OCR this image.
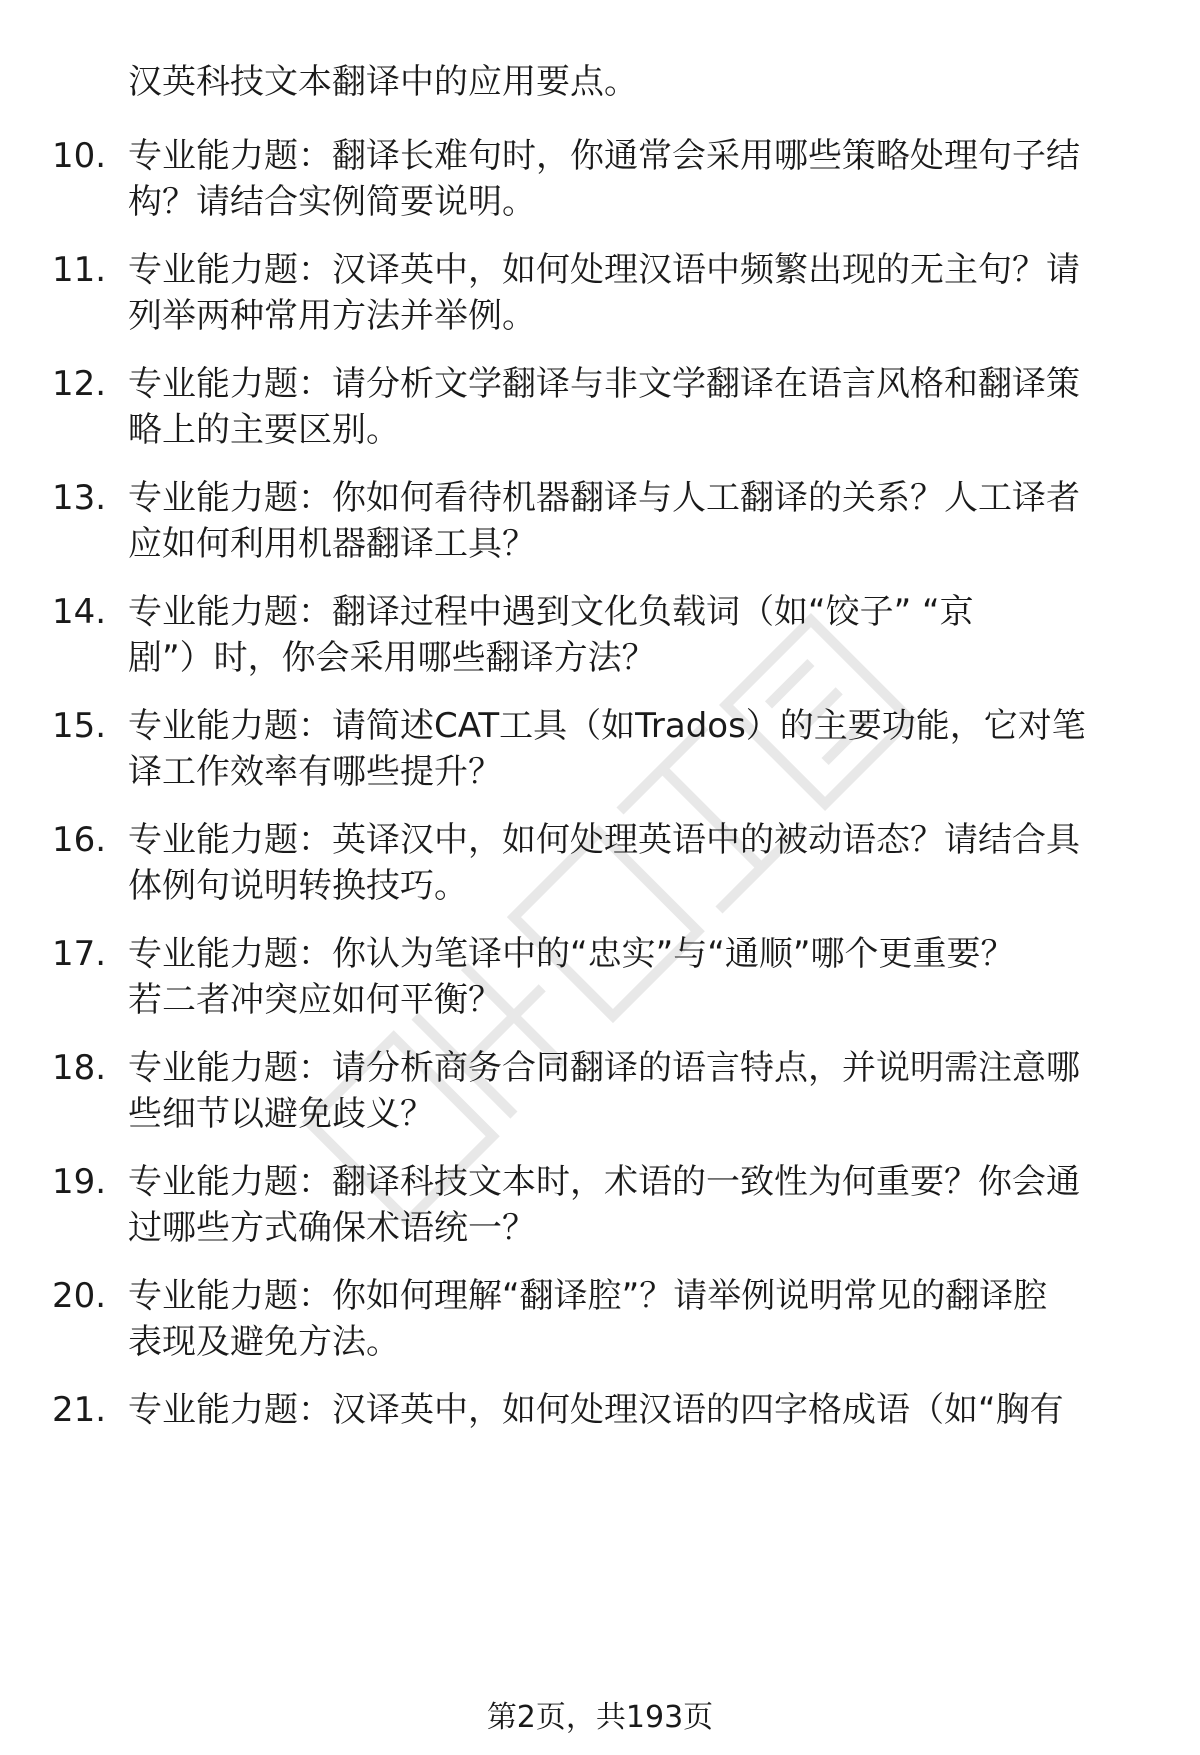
汉英科技文本翻译中的应用要点。
10. 专业能力题：翻译长难句时，你通常会采用哪些策略处理句子结
构？请结合实例简要说明。
11. 专业能力题：汉译英中，如何处理汉语中频繁出现的无主句？请
列举两种常用方法并举例。
12. 专业能力题：请分析文学翻译与非文学翻译在语言风格和翻译策
略上的主要区别。
13. 专业能力题：你如何看待机器翻译与人工翻译的关系？人工译者
应如何利用机器翻译工具？
14. 专业能力题：翻译过程中遇到文化负载词（如“饺子” “京
剧”）时，你会采用哪些翻译方法？
15. 专业能力题：请简述CAT工具（如Trados）的主要功能，它对笔
译工作效率有哪些提升？
16. 专业能力题：英译汉中，如何处理英语中的被动语态？请结合具
体例句说明转换技巧。
17. 专业能力题：你认为笔译中的“忠实”与“通顺”哪个更重要？
若二者冲突应如何平衡？
18. 专业能力题：请分析商务合同翻译的语言特点，并说明需注意哪
些细节以避免歧义？
19. 专业能力题：翻译科技文本时，术语的一致性为何重要？你会通
过哪些方式确保术语统一？
20. 专业能力题：你如何理解“翻译腔”？请举例说明常见的翻译腔
表现及避免方法。
21. 专业能力题：汉译英中，如何处理汉语的四字格成语（如“胸有
第2页，共193页
